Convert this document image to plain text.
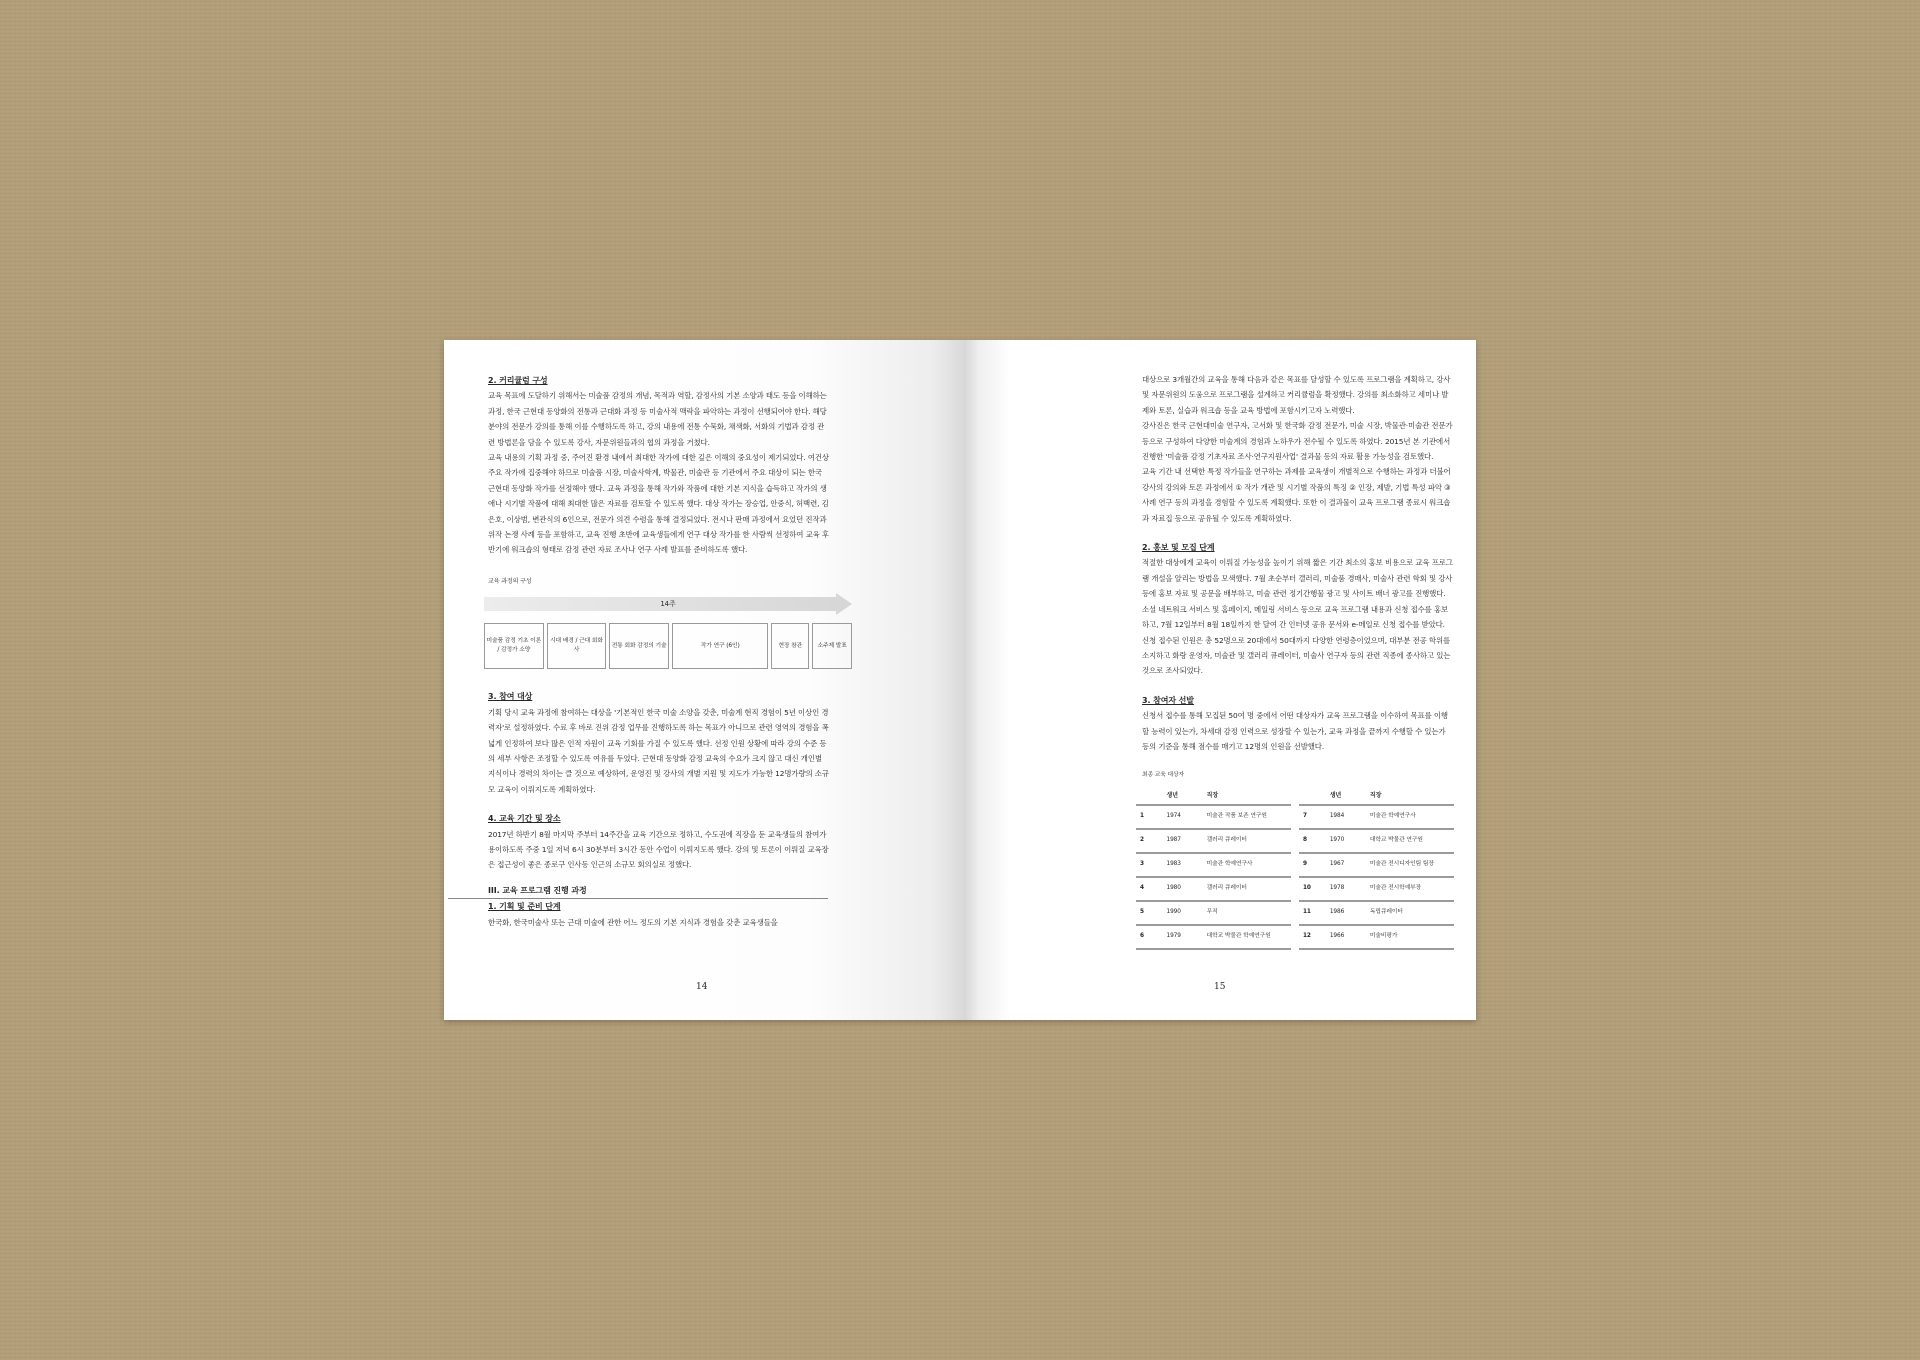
2. 커리큘럼 구성

교육 목표에 도달하기 위해서는 미술품 감정의 개념, 목적과 역할, 감정사의 기본 소양과 태도 등을 이해하는 과정, 한국 근현대 동양화의 전통과 근대화 과정 등 미술사적 맥락을 파악하는 과정이 선행되어야 한다. 해당 분야의 전문가 강의를 통해 이를 수행하도록 하고, 강의 내용에 전통 수묵화, 채색화, 서화의 기법과 감정 관련 방법론을 담을 수 있도록 강사, 자문위원들과의 협의 과정을 거쳤다.

교육 내용의 기획 과정 중, 주어진 환경 내에서 최대한 작가에 대한 깊은 이해의 중요성이 제기되었다. 여건상 주요 작가에 집중해야 하므로 미술품 시장, 미술사학계, 박물관, 미술관 등 기관에서 주요 대상이 되는 한국 근현대 동양화 작가를 선정해야 했다. 교육 과정을 통해 작가와 작품에 대한 기본 지식을 습득하고 작가의 생애나 시기별 작품에 대해 최대한 많은 자료를 검토할 수 있도록 했다. 대상 작가는 장승업, 안중식, 허백련, 김은호, 이상범, 변관식의 6인으로, 전문가 의견 수렴을 통해 결정되었다. 전시나 판매 과정에서 요었던 진작과 위작 논쟁 사례 등을 포함하고, 교육 진행 초반에 교육생들에게 연구 대상 작가를 한 사람씩 선정하여 교육 후반기에 워크숍의 형태로 감정 관련 자료 조사나 연구 사례 발표를 준비하도록 했다.

교육 과정의 구성
14주
미술품 감정 기초 이론 / 감정가 소양
시대 배경 / 근대 회화사
전통 회화 감정의 기술	작가 연구 (6인)	현장 참관	소주제 발표

3. 참여 대상

기획 당시 교육 과정에 참여하는 대상을 '기본적인 한국 미술 소양을 갖춘, 미술계 현직 경험이 5년 이상인 경력자'로 설정하였다. 수료 후 바로 진위 감정 업무를 진행하도록 하는 목표가 아니므로 관련 영역의 경험을 폭넓게 인정하여 보다 많은 인적 자원이 교육 기회를 가질 수 있도록 했다. 선정 인원 상황에 따라 강의 수준 등의 세부 사항은 조정할 수 있도록 여유를 두었다. 근현대 동양화 감정 교육의 수요가 크지 않고 대신 개인별 지식이나 경력의 차이는 클 것으로 예상하여, 운영진 및 강사의 개별 지원 및 지도가 가능한 12명가량의 소규모 교육이 이뤄지도록 계획하였다.

4. 교육 기간 및 장소

2017년 하반기 8월 마지막 주부터 14주간을 교육 기간으로 정하고, 수도권에 직장을 둔 교육생들의 참여가 용이하도록 주중 1일 저녁 6시 30분부터 3시간 동안 수업이 이뤄지도록 했다. 강의 및 토론이 이뤄질 교육장은 접근성이 좋은 종로구 인사동 인근의 소규모 회의실로 정했다.

III. 교육 프로그램 진행 과정

1. 기획 및 준비 단계

한국화, 한국미술사 또는 근대 미술에 관한 어느 정도의 기본 지식과 경험을 갖춘 교육생들을

14

대상으로 3개월간의 교육을 통해 다음과 같은 목표를 달성할 수 있도록 프로그램을 계획하고, 강사 및 자문위원의 도움으로 프로그램을 설계하고 커리큘럼을 확정했다. 강의를 최소화하고 세미나 발제와 토론, 실습과 워크숍 등을 교육 방법에 포함시키고자 노력했다.

강사진은 한국 근현대미술 연구자, 고서화 및 한국화 감정 전문가, 미술 시장, 박물관·미술관 전문가 등으로 구성하여 다양한 미술계의 경험과 노하우가 전수될 수 있도록 하였다. 2015년 본 기관에서 진행한 '미술품 감정 기초자료 조사·연구지원사업' 결과물 등의 자료 활용 가능성을 검토했다.

교육 기간 내 선택한 특정 작가들을 연구하는 과제를 교육생이 개별적으로 수행하는 과정과 더불어 강사의 강의와 토론 과정에서 ① 작가 개관 및 시기별 작품의 특징 ② 인장, 제발, 기법 특성 파악 ③ 사례 연구 등의 과정을 경험할 수 있도록 계획했다. 또한 이 결과물이 교육 프로그램 종료시 워크숍과 자료집 등으로 공유될 수 있도록 계획하였다.

2. 홍보 및 모집 단계

적절한 대상에게 교육이 이뤄질 가능성을 높이기 위해 짧은 기간 최소의 홍보 비용으로 교육 프로그램 개설을 알리는 방법을 모색했다. 7월 초순부터 갤러리, 미술품 경매사, 미술사 관련 학회 및 강사 등에 홍보 자료 및 공문을 배부하고, 미술 관련 정기간행물 광고 및 사이트 배너 광고를 진행했다. 소셜 네트워크 서비스 및 홈페이지, 메일링 서비스 등으로 교육 프로그램 내용과 신청 접수를 홍보하고, 7월 12일부터 8월 18일까지 한 달여 간 인터넷 공유 문서와 e-메일로 신청 접수를 받았다. 신청 접수된 인원은 총 52명으로 20대에서 50대까지 다양한 연령층이었으며, 대부분 전공 학위를 소지하고 화랑 운영자, 미술관 및 갤러리 큐레이터, 미술사 연구자 등의 관련 직종에 종사하고 있는 것으로 조사되었다.

3. 참여자 선발

신청서 접수를 통해 모집된 50여 명 중에서 어떤 대상자가 교육 프로그램을 이수하여 목표를 이행할 능력이 있는가, 차세대 감정 인력으로 성장할 수 있는가, 교육 과정을 끝까지 수행할 수 있는가 등의 기준을 통해 점수를 매기고 12명의 인원을 선발했다.

최종 교육 대상자
	생년	직장
1	1974	미술관 작품 보존 연구원
2	1987	갤러리 큐레이터
3	1983	미술관 학예연구사
4	1980	갤러리 큐레이터
5	1990	무직
6	1979	대학교 박물관 학예연구원
	생년	직장
7	1984	미술관 학예연구사
8	1970	대학교 박물관 연구원
9	1967	미술관 전시디자인팀 팀장
10	1978	미술관 전시학예부장
11	1986	독립큐레이터
12	1966	미술비평가
15
